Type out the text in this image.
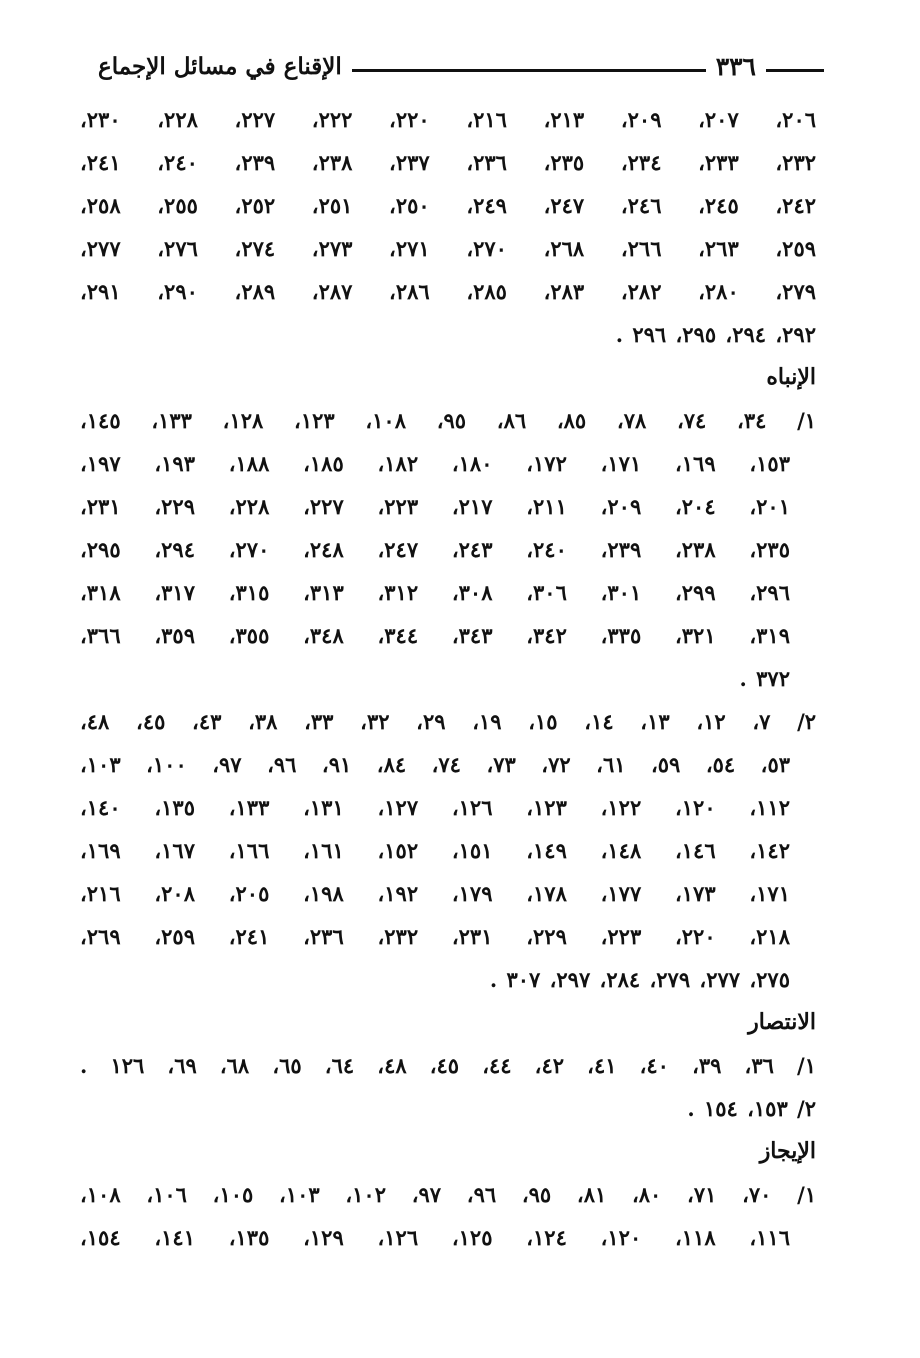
٣٣٦
الإقناع في مسائل الإجماع
٢٠٦، ٢٠٧، ٢٠٩، ٢١٣، ٢١٦، ٢٢٠، ٢٢٢، ٢٢٧، ٢٢٨، ٢٣٠،
٢٣٢، ٢٣٣، ٢٣٤، ٢٣٥، ٢٣٦، ٢٣٧، ٢٣٨، ٢٣٩، ٢٤٠، ٢٤١،
٢٤٢، ٢٤٥، ٢٤٦، ٢٤٧، ٢٤٩، ٢٥٠، ٢٥١، ٢٥٢، ٢٥٥، ٢٥٨،
٢٥٩، ٢٦٣، ٢٦٦، ٢٦٨، ٢٧٠، ٢٧١، ٢٧٣، ٢٧٤، ٢٧٦، ٢٧٧،
٢٧٩، ٢٨٠، ٢٨٢، ٢٨٣، ٢٨٥، ٢٨٦، ٢٨٧، ٢٨٩، ٢٩٠، ٢٩١،
٢٩٢، ٢٩٤، ٢٩٥، ٢٩٦ .
الإنباه
١/ ٣٤، ٧٤، ٧٨، ٨٥، ٨٦، ٩٥، ١٠٨، ١٢٣، ١٢٨، ١٣٣، ١٤٥،
١٥٣، ١٦٩، ١٧١، ١٧٢، ١٨٠، ١٨٢، ١٨٥، ١٨٨، ١٩٣، ١٩٧،
٢٠١، ٢٠٤، ٢٠٩، ٢١١، ٢١٧، ٢٢٣، ٢٢٧، ٢٢٨، ٢٢٩، ٢٣١،
٢٣٥، ٢٣٨، ٢٣٩، ٢٤٠، ٢٤٣، ٢٤٧، ٢٤٨، ٢٧٠، ٢٩٤، ٢٩٥،
٢٩٦، ٢٩٩، ٣٠١، ٣٠٦، ٣٠٨، ٣١٢، ٣١٣، ٣١٥، ٣١٧، ٣١٨،
٣١٩، ٣٢١، ٣٣٥، ٣٤٢، ٣٤٣، ٣٤٤، ٣٤٨، ٣٥٥، ٣٥٩، ٣٦٦،
٣٧٢ .
٢/ ٧، ١٢، ١٣، ١٤، ١٥، ١٩، ٢٩، ٣٢، ٣٣، ٣٨، ٤٣، ٤٥، ٤٨،
٥٣، ٥٤، ٥٩، ٦١، ٧٢، ٧٣، ٧٤، ٨٤، ٩١، ٩٦، ٩٧، ١٠٠، ١٠٣،
١١٢، ١٢٠، ١٢٢، ١٢٣، ١٢٦، ١٢٧، ١٣١، ١٣٣، ١٣٥، ١٤٠،
١٤٢، ١٤٦، ١٤٨، ١٤٩، ١٥١، ١٥٢، ١٦١، ١٦٦، ١٦٧، ١٦٩،
١٧١، ١٧٣، ١٧٧، ١٧٨، ١٧٩، ١٩٢، ١٩٨، ٢٠٥، ٢٠٨، ٢١٦،
٢١٨، ٢٢٠، ٢٢٣، ٢٢٩، ٢٣١، ٢٣٢، ٢٣٦، ٢٤١، ٢٥٩، ٢٦٩،
٢٧٥، ٢٧٧، ٢٧٩، ٢٨٤، ٢٩٧، ٣٠٧ .
الانتصار
١/ ٣٦، ٣٩، ٤٠، ٤١، ٤٢، ٤٤، ٤٥، ٤٨، ٦٤، ٦٥، ٦٨، ٦٩، ١٢٦ .
٢/ ١٥٣، ١٥٤ .
الإيجاز
١/ ٧٠، ٧١، ٨٠، ٨١، ٩٥، ٩٦، ٩٧، ١٠٢، ١٠٣، ١٠٥، ١٠٦، ١٠٨،
١١٦، ١١٨، ١٢٠، ١٢٤، ١٢٥، ١٢٦، ١٢٩، ١٣٥، ١٤١، ١٥٤،
